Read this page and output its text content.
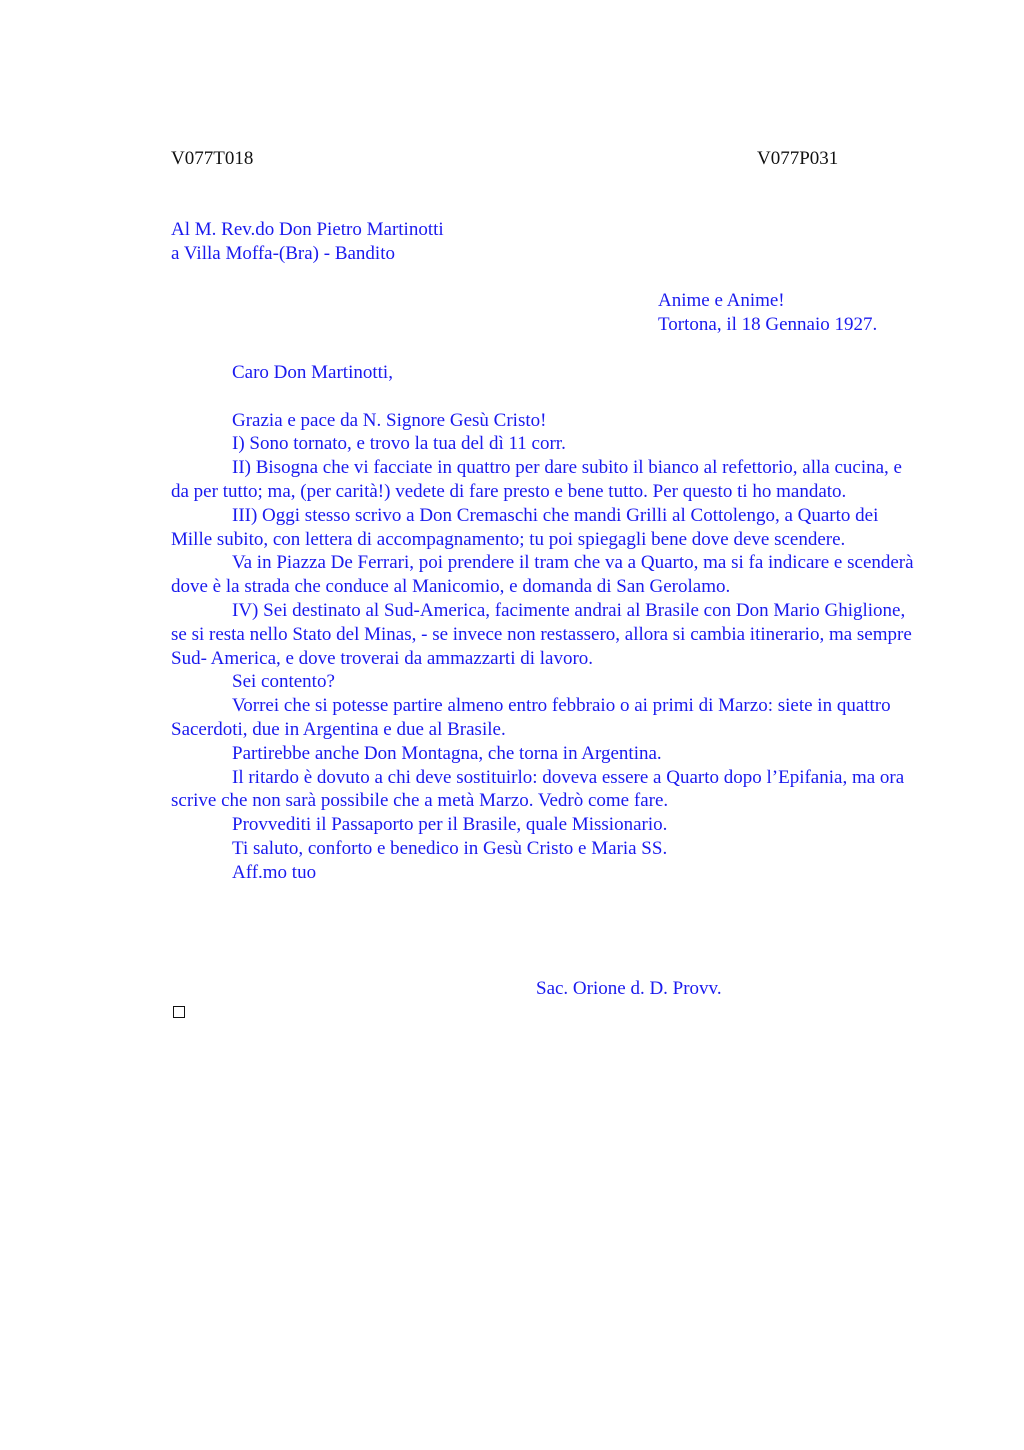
V077T018	V077P031
Al M. Rev.do Don Pietro Martinotti
a Villa Moffa-(Bra) - Bandito
Anime e Anime!
Tortona, il 18 Gennaio 1927.

Caro Don Martinotti,

Grazia e pace da N. Signore Gesù Cristo!

I) Sono tornato, e trovo la tua del dì 11 corr.

II) Bisogna che vi facciate in quattro per dare subito il bianco al refettorio, alla cucina, e da per tutto; ma, (per carità!) vedete di fare presto e bene tutto. Per questo ti ho mandato.

III) Oggi stesso scrivo a Don Cremaschi che mandi Grilli al Cottolengo, a Quarto dei Mille subito, con lettera di accompagnamento; tu poi spiegagli bene dove deve scendere.

Va in Piazza De Ferrari, poi prendere il tram che va a Quarto, ma si fa indicare e scenderà dove è la strada che conduce al Manicomio, e domanda di San Gerolamo.

IV) Sei destinato al Sud-America, facimente andrai al Brasile con Don Mario Ghiglione, se si resta nello Stato del Minas, - se invece non restassero, allora si cambia itinerario, ma sempre Sud- America, e dove troverai da ammazzarti di lavoro.

Sei contento?

Vorrei che si potesse partire almeno entro febbraio o ai primi di Marzo: siete in quattro Sacerdoti, due in Argentina e due al Brasile.

Partirebbe anche Don Montagna, che torna in Argentina.

Il ritardo è dovuto a chi deve sostituirlo: doveva essere a Quarto dopo l’Epifania, ma ora scrive che non sarà possibile che a metà Marzo. Vedrò come fare.

Provvediti il Passaporto per il Brasile, quale Missionario.

Ti saluto, conforto e benedico in Gesù Cristo e Maria SS.

Aff.mo tuo

Sac. Orione d. D. Provv.
